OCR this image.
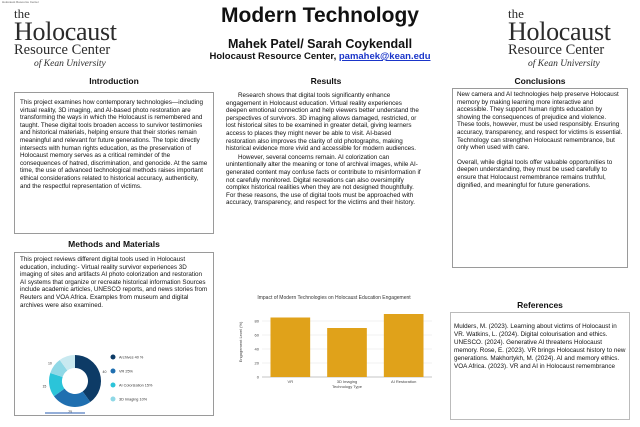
Holocaust Resource Center
the
Holocaust
Resource Center
of Kean University
the
Holocaust
Resource Center
of Kean University
Modern Technology
Mahek Patel/ Sarah Coykendall
Holocaust Resource Center, pamahek@kean.edu
Introduction

This project examines how contemporary technologies—including virtual reality, 3D imaging, and AI-based photo restoration are transforming the ways in which the Holocaust is remembered and taught. These digital tools broaden access to survivor testimonies and historical materials, helping ensure that their stories remain meaningful and relevant for future generations. The topic directly intersects with human rights education, as the preservation of Holocaust memory serves as a critical reminder of the consequences of hatred, discrimination, and genocide. At the same time, the use of advanced technological methods raises important ethical considerations related to historical accuracy, authenticity, and the respectful representation of victims.

Methods and Materials

This project reviews different digital tools used in Holocaust education, including:- Virtual reality survivor experiences 3D imaging of sites and artifacts AI photo colorization and restoration AI systems that organize or recreate historical information Sources include academic articles, UNESCO reports, and news stories from Reuters and VOA Africa. Examples from museum and digital archives were also examined.

40
25
15
10
Archives 40 %
VR 25%
AI Colorization 15%
3D Imaging 10%
Results

Research shows that digital tools significantly enhance engagement in Holocaust education. Virtual reality experiences deepen emotional connection and help viewers better understand the perspectives of survivors. 3D imaging allows damaged, restricted, or lost historical sites to be examined in greater detail, giving learners access to places they might never be able to visit. AI-based restoration also improves the clarity of old photographs, making historical evidence more vivid and accessible for modern audiences.

However, several concerns remain. AI colorization can unintentionally alter the meaning or tone of archival images, while AI-generated content may confuse facts or contribute to misinformation if not carefully monitored. Digital recreations can also oversimplify complex historical realities when they are not designed thoughtfully. For these reasons, the use of digital tools must be approached with accuracy, transparency, and respect for the victims and their history.

Impact of Modern Technologies on Holocaust Education Engagement
0
20
40
60
80
VR	3D Imaging	AI Restoration
Technology Type
Engagement Level (%)
Conclusions

New camera and AI technologies help preserve Holocaust memory by making learning more interactive and accessible. They support human rights education by showing the consequences of prejudice and violence. These tools, however, must be used responsibly. Ensuring accuracy, transparency, and respect for victims is essential. Technology can strengthen Holocaust remembrance, but only when used with care.

Overall, while digital tools offer valuable opportunities to deepen understanding, they must be used carefully to ensure that Holocaust remembrance remains truthful, dignified, and meaningful for future generations.

References

Mulders, M. (2023). Learning about victims of Holocaust in VR. Watkins, L. (2024). Digital colourisation and ethics. UNESCO. (2024). Generative AI threatens Holocaust memory. Rose, E. (2023). VR brings Holocaust history to new generations. Makhortykh, M. (2024). AI and memory ethics. VOA Africa. (2023). VR and AI in Holocaust remembrance
